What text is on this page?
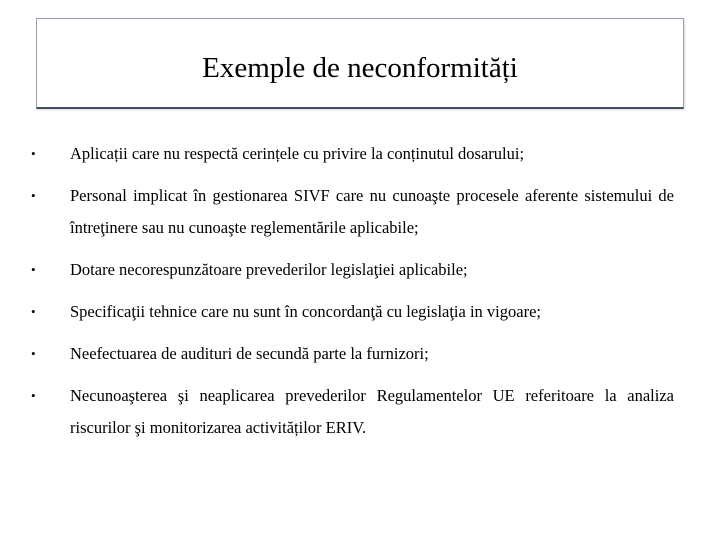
Exemple de neconformități
• Aplicații care nu respectă cerințele cu privire la conținutul dosarului;
• Personal implicat în gestionarea SIVF care nu cunoaşte procesele aferente sistemului de întreţinere sau nu cunoaşte reglementările aplicabile;
• Dotare necorespunzătoare prevederilor legislaţiei aplicabile;
• Specificaţii tehnice care nu sunt în concordanţă cu legislaţia in vigoare;
• Neefectuarea de audituri de secundă parte la furnizori;
• Necunoaşterea şi neaplicarea prevederilor Regulamentelor UE referitoare la analiza riscurilor şi monitorizarea activităților ERIV.
